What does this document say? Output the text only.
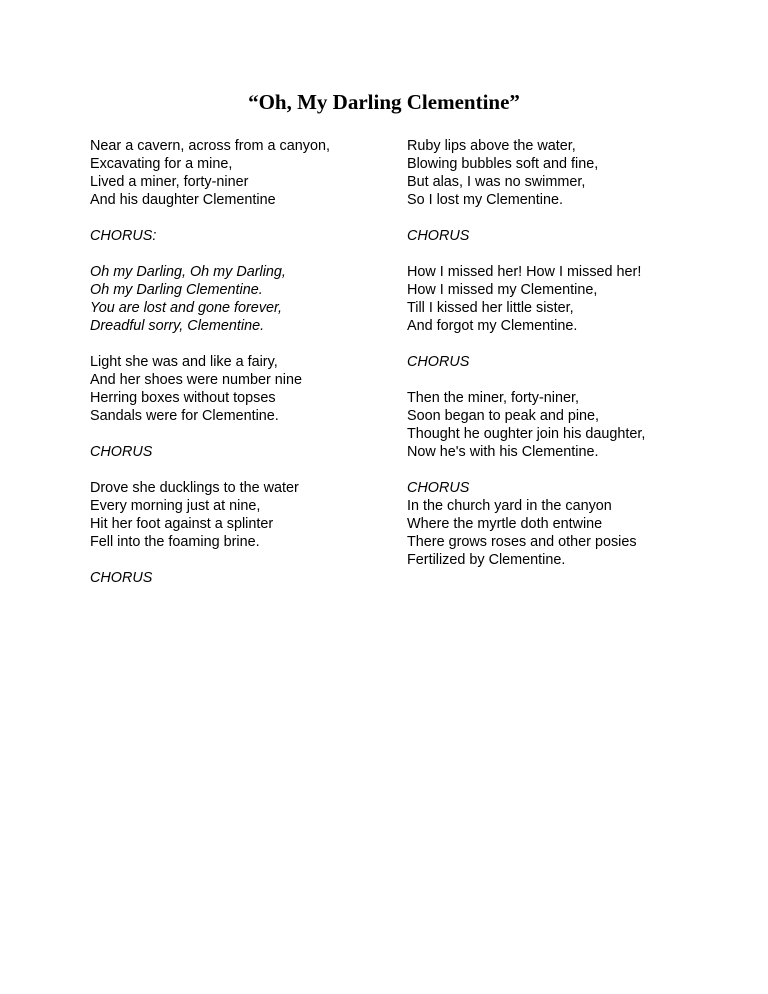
“Oh, My Darling Clementine”
Near a cavern, across from a canyon,
Excavating for a mine,
Lived a miner, forty-niner
And his daughter Clementine
CHORUS:
Oh my Darling, Oh my Darling,
Oh my Darling Clementine.
You are lost and gone forever,
Dreadful sorry, Clementine.
Light she was and like a fairy,
And her shoes were number nine
Herring boxes without topses
Sandals were for Clementine.
CHORUS
Drove she ducklings to the water
Every morning just at nine,
Hit her foot against a splinter
Fell into the foaming brine.
CHORUS
Ruby lips above the water,
Blowing bubbles soft and fine,
But alas, I was no swimmer,
So I lost my Clementine.
CHORUS
How I missed her! How I missed her!
How I missed my Clementine,
Till I kissed her little sister,
And forgot my Clementine.
CHORUS
Then the miner, forty-niner,
Soon began to peak and pine,
Thought he oughter join his daughter,
Now he's with his Clementine.
CHORUS
In the church yard in the canyon
Where the myrtle doth entwine
There grows roses and other posies
Fertilized by Clementine.
